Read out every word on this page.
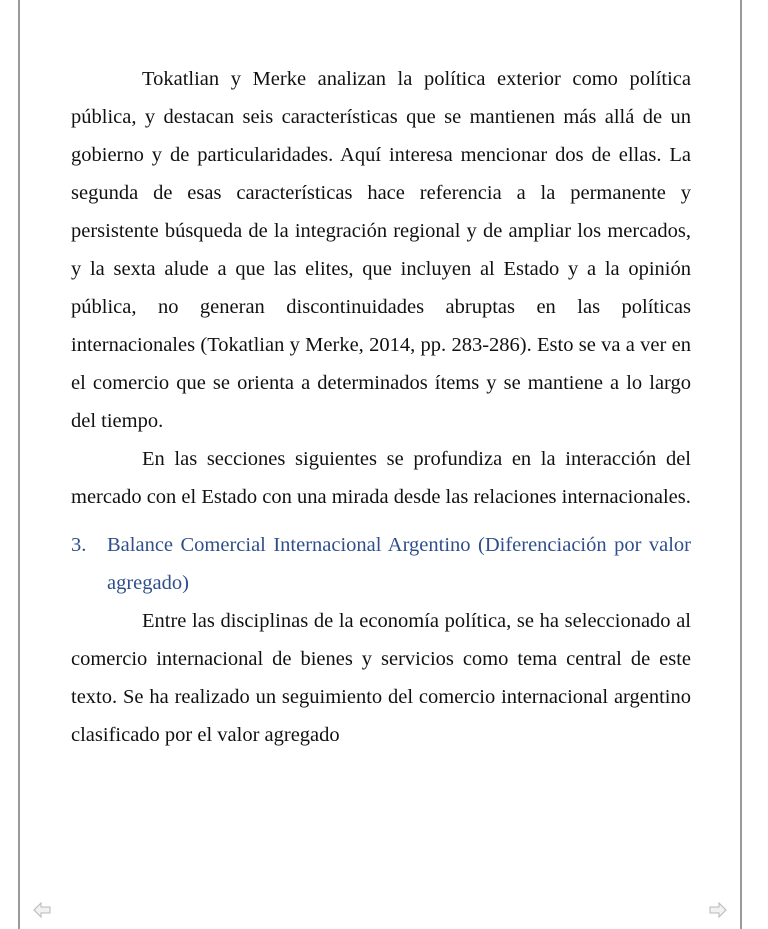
Tokatlian y Merke analizan la política exterior como política pública, y destacan seis características que se mantienen más allá de un gobierno y de particularidades. Aquí interesa mencionar dos de ellas. La segunda de esas características hace referencia a la permanente y persistente búsqueda de la integración regional y de ampliar los mercados, y la sexta alude a que las elites, que incluyen al Estado y a la opinión pública, no generan discontinuidades abruptas en las políticas internacionales (Tokatlian y Merke, 2014, pp. 283-286). Esto se va a ver en el comercio que se orienta a determinados ítems y se mantiene a lo largo del tiempo.

En las secciones siguientes se profundiza en la interacción del mercado con el Estado con una mirada desde las relaciones internacionales.

3. Balance Comercial Internacional Argentino (Diferenciación por valor agregado)

Entre las disciplinas de la economía política, se ha seleccionado al comercio internacional de bienes y servicios como tema central de este texto. Se ha realizado un seguimiento del comercio internacional argentino clasificado por el valor agregado
